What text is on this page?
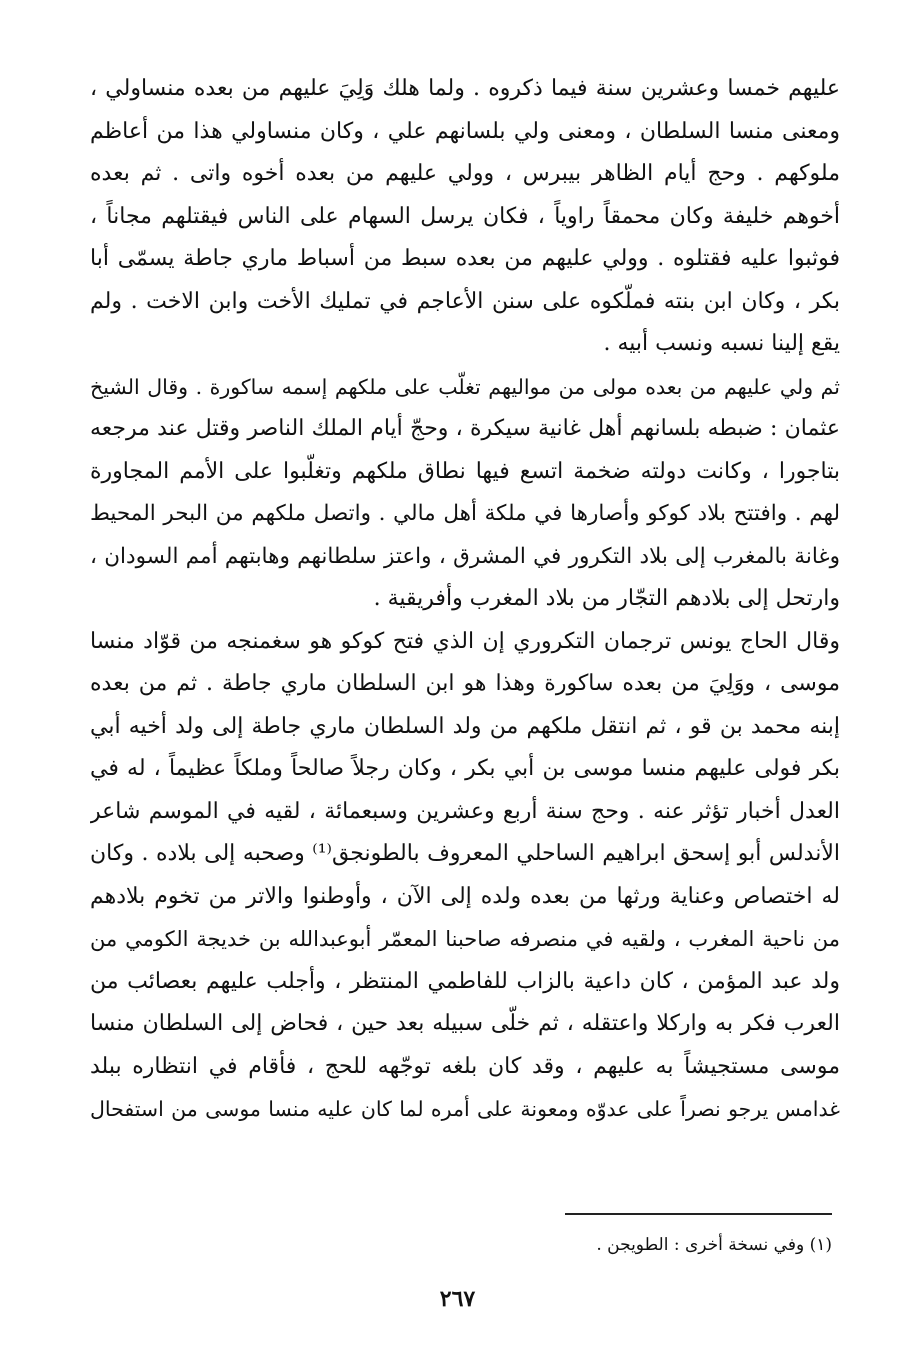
عليهم خمسا وعشرين سنة فيما ذكروه . ولما هلك وَلِيَ عليهم من بعده منساولي ،
ومعنى منسا السلطان ، ومعنى ولي بلسانهم علي ، وكان منساولي هذا من أعاظم
ملوكهم . وحج أيام الظاهر بيبرس ، وولي عليهم من بعده أخوه واتى . ثم بعده
أخوهم خليفة وكان محمقاً راوياً ، فكان يرسل السهام على الناس فيقتلهم مجاناً ،
فوثبوا عليه فقتلوه . وولي عليهم من بعده سبط من أسباط ماري جاطة يسمّى أبا
بكر ، وكان ابن بنته فملّكوه على سنن الأعاجم في تمليك الأخت وابن الاخت . ولم
يقع إلينا نسبه ونسب أبيه .
ثم ولي عليهم من بعده مولى من مواليهم تغلّب على ملكهم إسمه ساكورة . وقال الشيخ
عثمان : ضبطه بلسانهم أهل غانية سيكرة ، وحجّ أيام الملك الناصر وقتل عند مرجعه
بتاجورا ، وكانت دولته ضخمة اتسع فيها نطاق ملكهم وتغلّبوا على الأمم المجاورة
لهم . وافتتح بلاد كوكو وأصارها في ملكة أهل مالي . واتصل ملكهم من البحر المحيط
وغانة بالمغرب إلى بلاد التكرور في المشرق ، واعتز سلطانهم وهابتهم أمم السودان ،
وارتحل إلى بلادهم التجّار من بلاد المغرب وأفريقية .
وقال الحاج يونس ترجمان التكروري إن الذي فتح كوكو هو سغمنجه من قوّاد منسا
موسى ، ووَلِيَ من بعده ساكورة وهذا هو ابن السلطان ماري جاطة . ثم من بعده
إبنه محمد بن قو ، ثم انتقل ملكهم من ولد السلطان ماري جاطة إلى ولد أخيه أبي
بكر فولى عليهم منسا موسى بن أبي بكر ، وكان رجلاً صالحاً وملكاً عظيماً ، له في
العدل أخبار تؤثر عنه . وحج سنة أربع وعشرين وسبعمائة ، لقيه في الموسم شاعر
الأندلس أبو إسحق ابراهيم الساحلي المعروف بالطونجق⁽¹⁾ وصحبه إلى بلاده . وكان
له اختصاص وعناية ورثها من بعده ولده إلى الآن ، وأوطنوا والاتر من تخوم بلادهم
من ناحية المغرب ، ولقيه في منصرفه صاحبنا المعمّر أبوعبدالله بن خديجة الكومي من
ولد عبد المؤمن ، كان داعية بالزاب للفاطمي المنتظر ، وأجلب عليهم بعصائب من
العرب فكر به واركلا واعتقله ، ثم خلّى سبيله بعد حين ، فحاض إلى السلطان منسا
موسى مستجيشاً به عليهم ، وقد كان بلغه توجّهه للحج ، فأقام في انتظاره ببلد
غدامس يرجو نصراً على عدوّه ومعونة على أمره لما كان عليه منسا موسى من استفحال
(١) وفي نسخة أخرى : الطويجن .
٢٦٧
